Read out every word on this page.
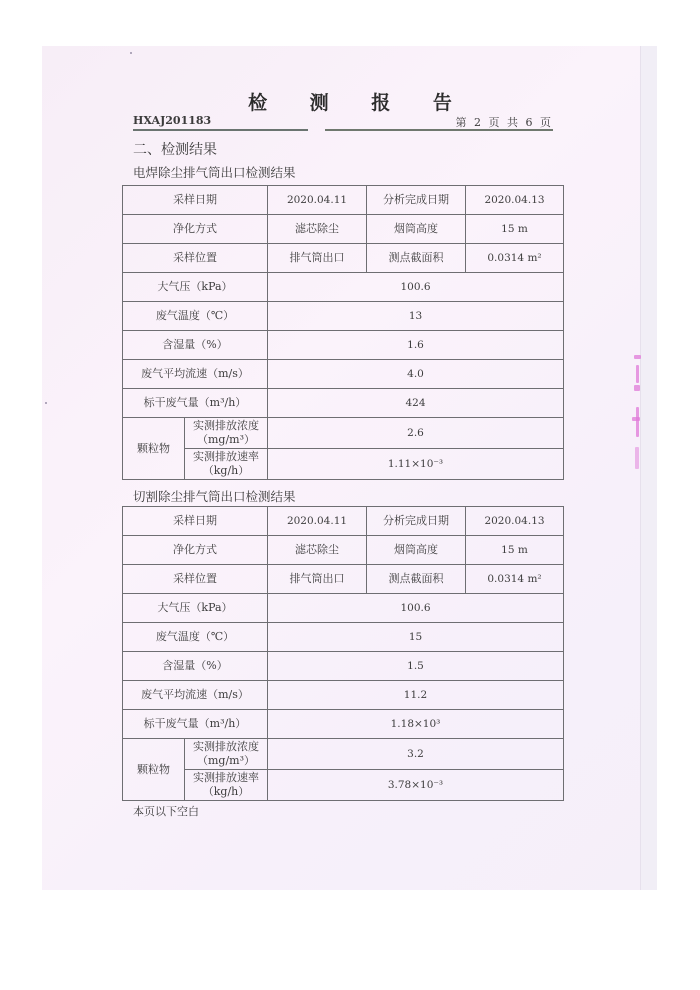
检 测 报 告
HXAJ201183	第 2 页 共 6 页
二、检测结果
电焊除尘排气筒出口检测结果
采样日期		2020.04.11	分析完成日期	2020.04.13
净化方式		滤芯除尘	烟筒高度	15 m
采样位置		排气筒出口	测点截面积	0.0314 m²
大气压（kPa）		100.6		
废气温度（℃）		13		
含湿量（%）		1.6		
废气平均流速（m/s）		4.0		
标干废气量（m³/h）		424		
颗粒物	实测排放浓度
（mg/m³）	2.6		

	实测排放速率
（kg/h）	1.11×10⁻³		
切割除尘排气筒出口检测结果
采样日期		2020.04.11	分析完成日期	2020.04.13
净化方式		滤芯除尘	烟筒高度	15 m
采样位置		排气筒出口	测点截面积	0.0314 m²
大气压（kPa）		100.6		
废气温度（℃）		15		
含湿量（%）		1.5		
废气平均流速（m/s）		11.2		
标干废气量（m³/h）		1.18×10³		
颗粒物	实测排放浓度
（mg/m³）	3.2		

	实测排放速率
（kg/h）	3.78×10⁻³		
本页以下空白
